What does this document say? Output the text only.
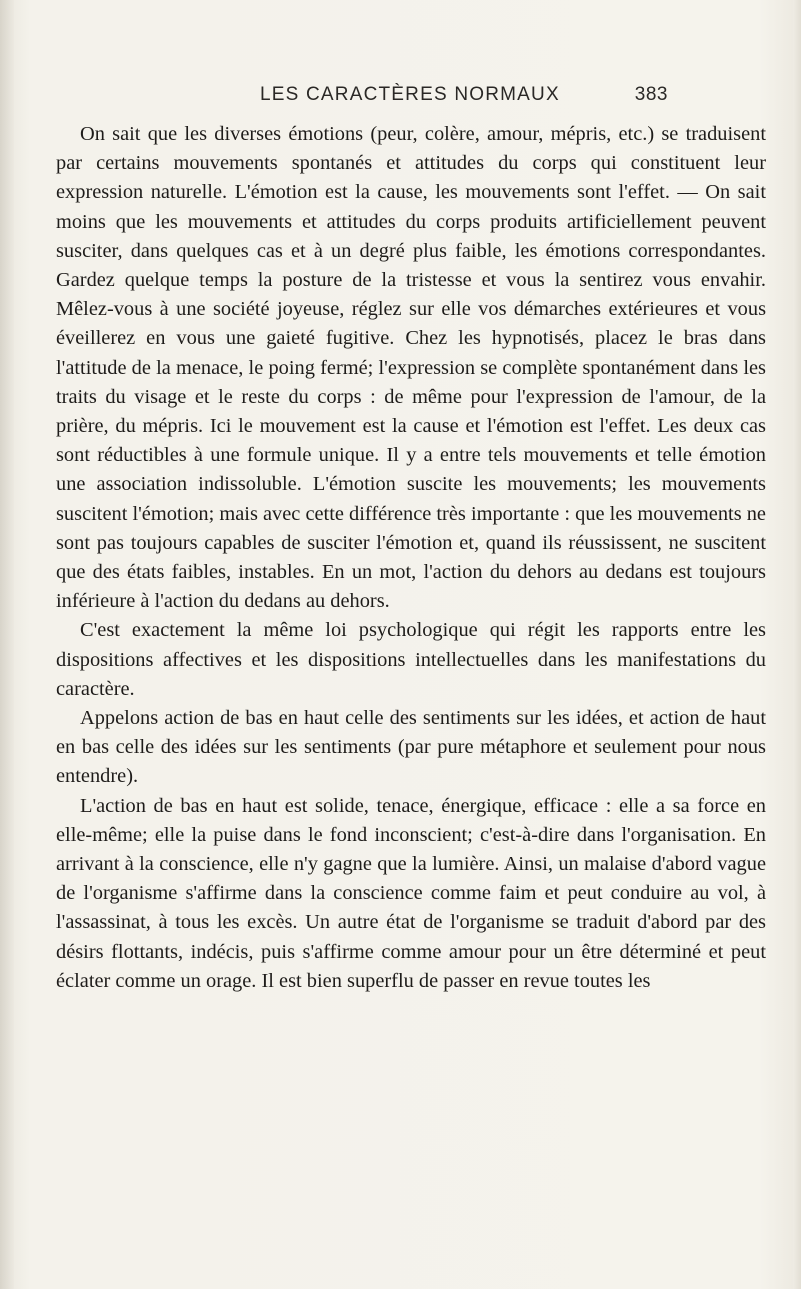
LES CARACTÈRES NORMAUX	383

On sait que les diverses émotions (peur, colère, amour, mépris, etc.) se traduisent par certains mouvements spontanés et attitudes du corps qui constituent leur expression naturelle. L'émotion est la cause, les mouvements sont l'effet. — On sait moins que les mouvements et attitudes du corps produits artificiellement peuvent susciter, dans quelques cas et à un degré plus faible, les émotions correspondantes. Gardez quelque temps la posture de la tristesse et vous la sentirez vous envahir. Mêlez-vous à une société joyeuse, réglez sur elle vos démarches extérieures et vous éveillerez en vous une gaieté fugitive. Chez les hypnotisés, placez le bras dans l'attitude de la menace, le poing fermé; l'expression se complète spontanément dans les traits du visage et le reste du corps : de même pour l'expression de l'amour, de la prière, du mépris. Ici le mouvement est la cause et l'émotion est l'effet. Les deux cas sont réductibles à une formule unique. Il y a entre tels mouvements et telle émotion une association indissoluble. L'émotion suscite les mouvements; les mouvements suscitent l'émotion; mais avec cette différence très importante : que les mouvements ne sont pas toujours capables de susciter l'émotion et, quand ils réussissent, ne suscitent que des états faibles, instables. En un mot, l'action du dehors au dedans est toujours inférieure à l'action du dedans au dehors.

C'est exactement la même loi psychologique qui régit les rapports entre les dispositions affectives et les dispositions intellectuelles dans les manifestations du caractère.

Appelons action de bas en haut celle des sentiments sur les idées, et action de haut en bas celle des idées sur les sentiments (par pure métaphore et seulement pour nous entendre).

L'action de bas en haut est solide, tenace, énergique, efficace : elle a sa force en elle-même; elle la puise dans le fond inconscient; c'est-à-dire dans l'organisation. En arrivant à la conscience, elle n'y gagne que la lumière. Ainsi, un malaise d'abord vague de l'organisme s'affirme dans la conscience comme faim et peut conduire au vol, à l'assassinat, à tous les excès. Un autre état de l'organisme se traduit d'abord par des désirs flottants, indécis, puis s'affirme comme amour pour un être déterminé et peut éclater comme un orage. Il est bien superflu de passer en revue toutes les
